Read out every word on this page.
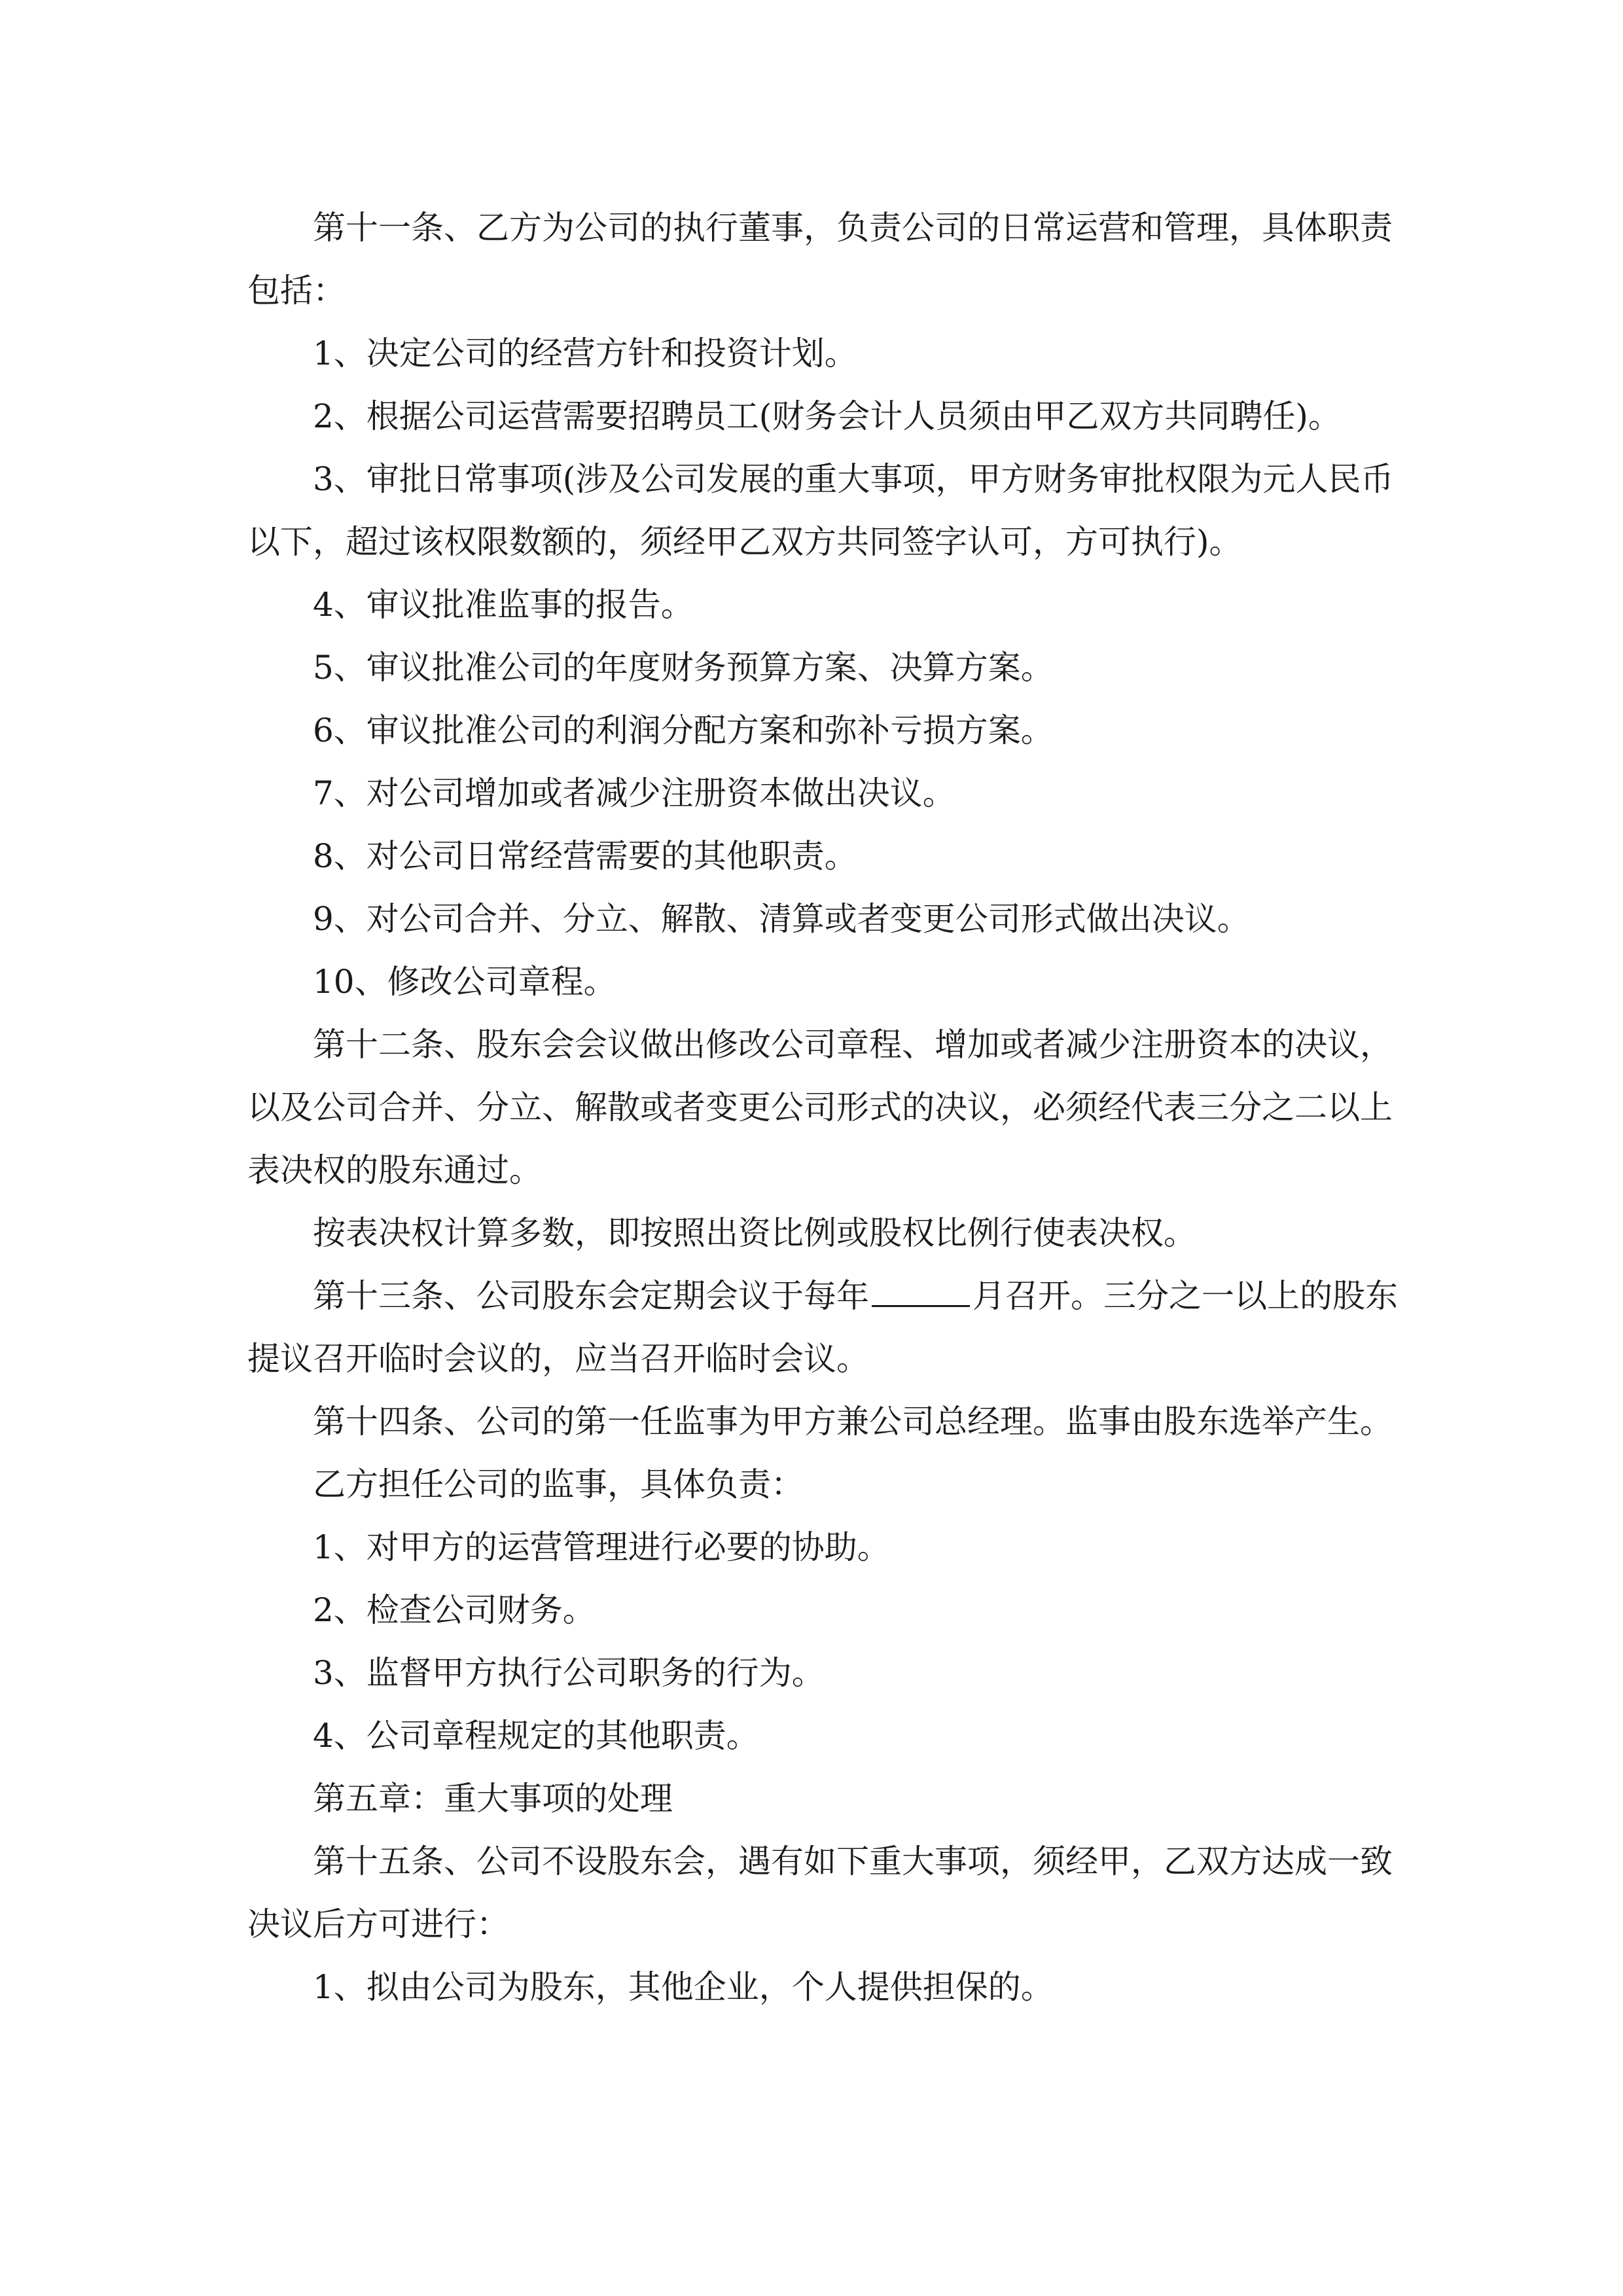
第十一条、乙方为公司的执行董事，负责公司的日常运营和管理，具体职责包括：

1、决定公司的经营方针和投资计划。

2、根据公司运营需要招聘员工(财务会计人员须由甲乙双方共同聘任)。

3、审批日常事项(涉及公司发展的重大事项，甲方财务审批权限为元人民币以下，超过该权限数额的，须经甲乙双方共同签字认可，方可执行)。

4、审议批准监事的报告。

5、审议批准公司的年度财务预算方案、决算方案。

6、审议批准公司的利润分配方案和弥补亏损方案。

7、对公司增加或者减少注册资本做出决议。

8、对公司日常经营需要的其他职责。

9、对公司合并、分立、解散、清算或者变更公司形式做出决议。

10、修改公司章程。

第十二条、股东会会议做出修改公司章程、增加或者减少注册资本的决议，以及公司合并、分立、解散或者变更公司形式的决议，必须经代表三分之二以上表决权的股东通过。

按表决权计算多数，即按照出资比例或股权比例行使表决权。

第十三条、公司股东会定期会议于每年	月召开。三分之一以上的股东提议召开临时会议的，应当召开临时会议。

第十四条、公司的第一任监事为甲方兼公司总经理。监事由股东选举产生。

乙方担任公司的监事，具体负责：

1、对甲方的运营管理进行必要的协助。

2、检查公司财务。

3、监督甲方执行公司职务的行为。

4、公司章程规定的其他职责。

第五章：重大事项的处理

第十五条、公司不设股东会，遇有如下重大事项，须经甲，乙双方达成一致决议后方可进行：

1、拟由公司为股东，其他企业，个人提供担保的。
